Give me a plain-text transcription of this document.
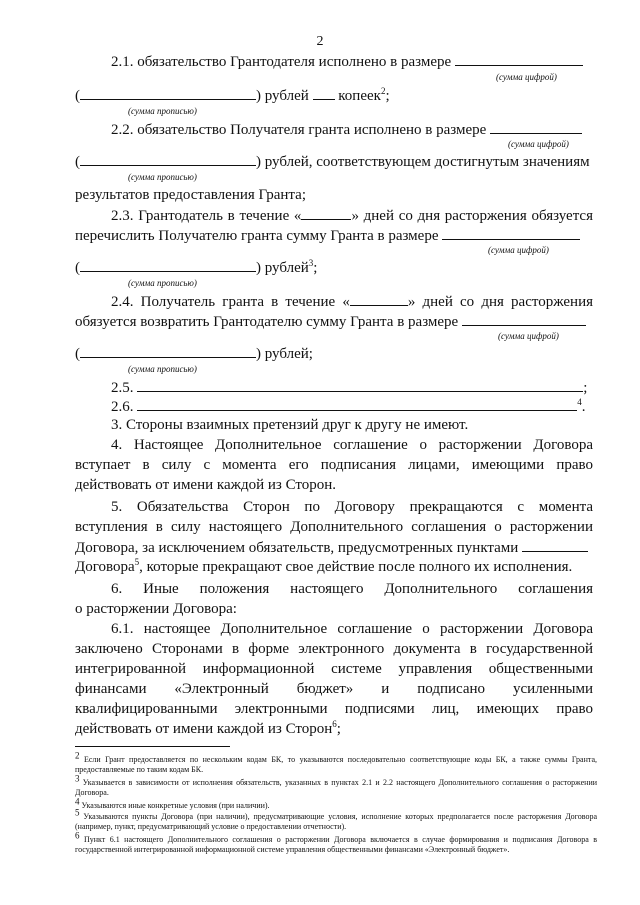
2
2.1. обязательство Грантодателя исполнено в размере
(сумма цифрой)
(	) рублей копеек$^2$;
(сумма прописью)
2.2. обязательство Получателя гранта исполнено в размере
(сумма цифрой)
(	) рублей, соответствующем достигнутым значениям
(сумма прописью)
результатов предоставления Гранта;
2.3. Грантодатель в течение «	» дней со дня расторжения обязуется
перечислить Получателю гранта сумму Гранта в размере
(сумма цифрой)
(	) рублей$^3$;
(сумма прописью)
2.4. Получатель гранта в течение «	» дней со дня расторжения
обязуется возвратить Грантодателю сумму Гранта в размере
(сумма цифрой)
(	) рублей;
(сумма прописью)
2.5.	;
2.6.	$^4$.
3. Стороны взаимных претензий друг к другу не имеют.
4. Настоящее Дополнительное соглашение о расторжении Договора
вступает в силу с момента его подписания лицами, имеющими право
действовать от имени каждой из Сторон.
5. Обязательства Сторон по Договору прекращаются с момента
вступления в силу настоящего Дополнительного соглашения о расторжении
Договора, за исключением обязательств, предусмотренных пунктами
Договора$^5$, которые прекращают свое действие после полного их исполнения.
6. Иные положения настоящего Дополнительного соглашения
о расторжении Договора:
6.1. настоящее Дополнительное соглашение о расторжении Договора
заключено Сторонами в форме электронного документа в государственной
интегрированной информационной системе управления общественными
финансами «Электронный бюджет» и подписано усиленными
квалифицированными электронными подписями лиц, имеющих право
действовать от имени каждой из Сторон$^6$;
$^2$ Если Грант предоставляется по нескольким кодам БК, то указываются последовательно соответствующие коды БК, а также суммы Гранта, предоставляемые по таким кодам БК.
$^3$ Указывается в зависимости от исполнения обязательств, указанных в пунктах 2.1 и 2.2 настоящего Дополнительного соглашения о расторжении Договора.
$^4$ Указываются иные конкретные условия (при наличии).
$^5$ Указываются пункты Договора (при наличии), предусматривающие условия, исполнение которых предполагается после расторжения Договора (например, пункт, предусматривающий условие о предоставлении отчетности).
$^6$ Пункт 6.1 настоящего Дополнительного соглашения о расторжении Договора включается в случае формирования и подписания Договора в государственной интегрированной информационной системе управления общественными финансами «Электронный бюджет».
